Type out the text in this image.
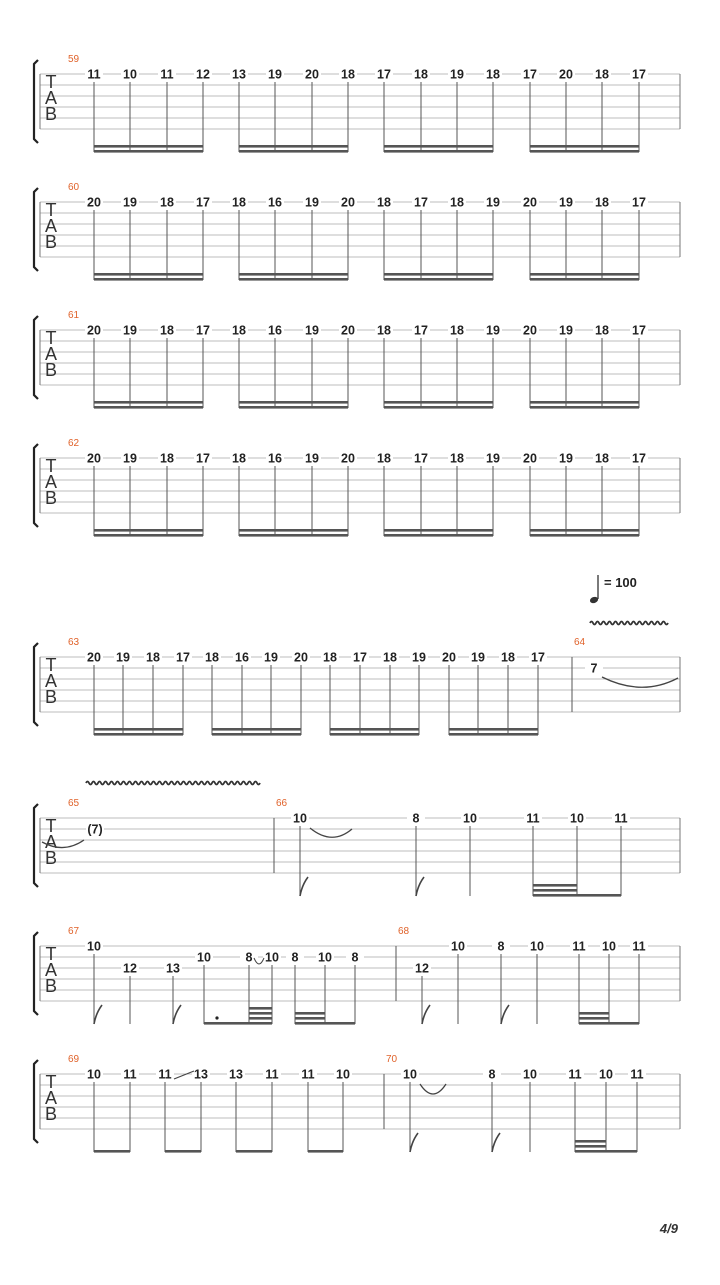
T
A
B
59
11 10 11 12 13 19 20 18 17 18 19 18 17 20 18 17
T
A
B
60
20 19 18 17 18 16 19 20 18 17 18 19 20 19 18 17
T
A
B
61
20 19 18 17 18 16 19 20 18 17 18 19 20 19 18 17
T
A
B
62
20 19 18 17 18 16 19 20 18 17 18 19 20 19 18 17
T
A
B
63
20 19 18 17 18 16 19 20 18 17 18 19 20 19 18 17
64
7
T
A
B
65
(7)
66
10	8	10	11 10 11
T
A
B
67
10
12 13
10	8 10 8 10 8
68
12
10	8 10 11 10 11
T
A
B
69
10 11 11 13 13 11 11 10
70
10	8 10	11 10 11
= 100
4/9
